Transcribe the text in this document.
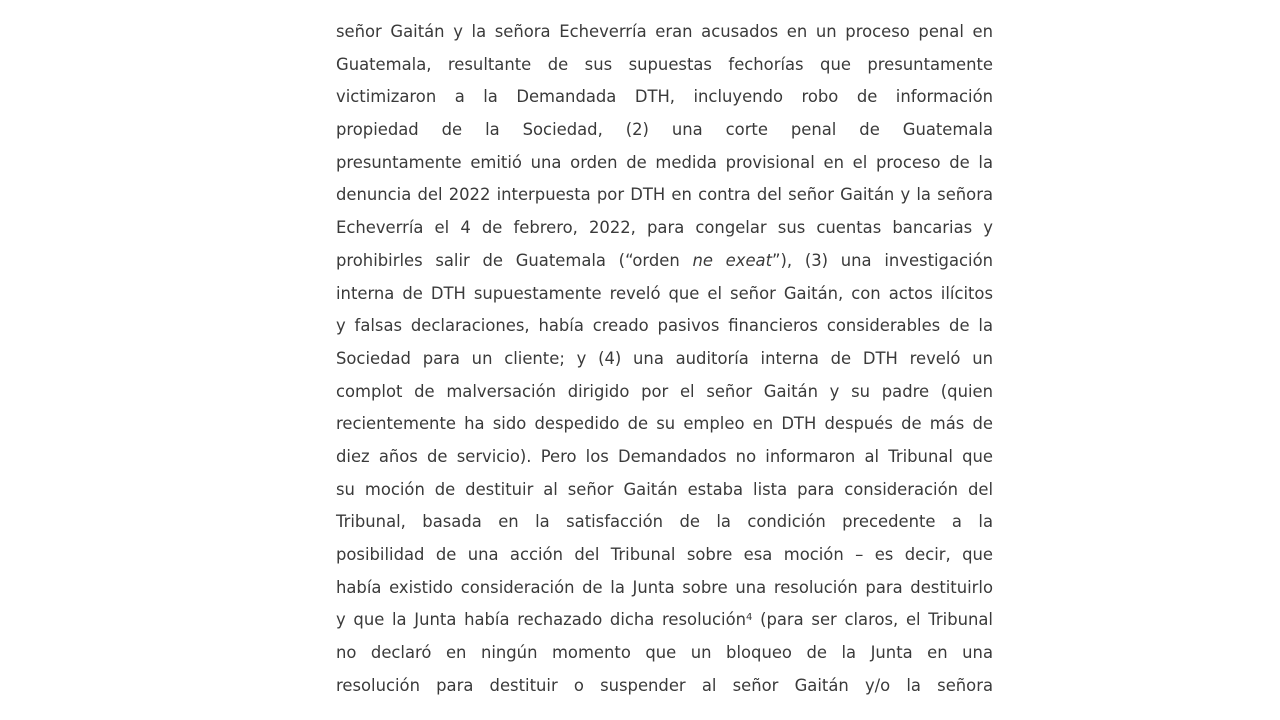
señor Gaitán y la señora Echeverría eran acusados en un proceso penal en
Guatemala, resultante de sus supuestas fechorías que presuntamente
victimizaron a la Demandada DTH, incluyendo robo de información
propiedad de la Sociedad, (2) una corte penal de Guatemala
presuntamente emitió una orden de medida provisional en el proceso de la
denuncia del 2022 interpuesta por DTH en contra del señor Gaitán y la señora
Echeverría el 4 de febrero, 2022, para congelar sus cuentas bancarias y
prohibirles salir de Guatemala (“orden ne exeat”), (3) una investigación
interna de DTH supuestamente reveló que el señor Gaitán, con actos ilícitos
y falsas declaraciones, había creado pasivos financieros considerables de la
Sociedad para un cliente; y (4) una auditoría interna de DTH reveló un
complot de malversación dirigido por el señor Gaitán y su padre (quien
recientemente ha sido despedido de su empleo en DTH después de más de
diez años de servicio). Pero los Demandados no informaron al Tribunal que
su moción de destituir al señor Gaitán estaba lista para consideración del
Tribunal, basada en la satisfacción de la condición precedente a la
posibilidad de una acción del Tribunal sobre esa moción – es decir, que
había existido consideración de la Junta sobre una resolución para destituirlo
y que la Junta había rechazado dicha resolución$^4$ (para ser claros, el Tribunal
no declaró en ningún momento que un bloqueo de la Junta en una
resolución para destituir o suspender al señor Gaitán y/o la señora
